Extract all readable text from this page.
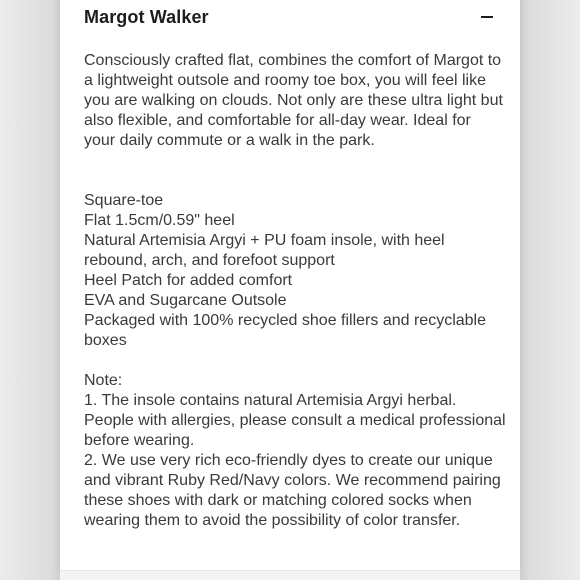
Margot Walker

Consciously crafted flat, combines the comfort of Margot to a lightweight outsole and roomy toe box, you will feel like you are walking on clouds. Not only are these ultra light but also flexible, and comfortable for all-day wear. Ideal for your daily commute or a walk in the park.

Square-toe
Flat 1.5cm/0.59" heel
Natural Artemisia Argyi + PU foam insole, with heel rebound, arch, and forefoot support
Heel Patch for added comfort
EVA and Sugarcane Outsole
Packaged with 100% recycled shoe fillers and recyclable boxes
Note:
1. The insole contains natural Artemisia Argyi herbal. People with allergies, please consult a medical professional before wearing.
2. We use very rich eco-friendly dyes to create our unique and vibrant Ruby Red/Navy colors. We recommend pairing these shoes with dark or matching colored socks when wearing them to avoid the possibility of color transfer.
